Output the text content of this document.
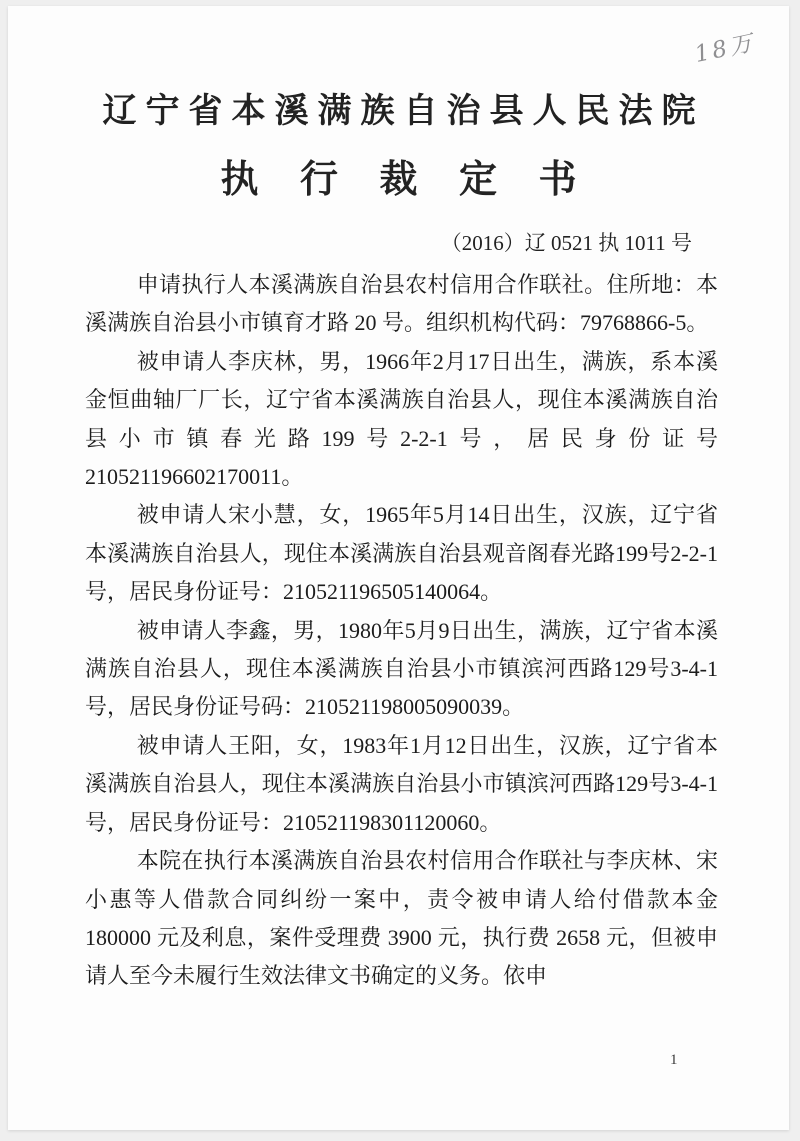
18万
辽宁省本溪满族自治县人民法院
执 行 裁 定 书
（2016）辽 0521 执 1011 号

申请执行人本溪满族自治县农村信用合作联社。住所地：本溪满族自治县小市镇育才路 20 号。组织机构代码：79768866-5。

被申请人李庆林，男，1966年2月17日出生，满族，系本溪金恒曲轴厂厂长，辽宁省本溪满族自治县人，现住本溪满族自治县小市镇春光路199号2-2-1号，居民身份证号210521196602170011。

被申请人宋小慧，女，1965年5月14日出生，汉族，辽宁省本溪满族自治县人，现住本溪满族自治县观音阁春光路199号2-2-1号，居民身份证号：210521196505140064。

被申请人李鑫，男，1980年5月9日出生，满族，辽宁省本溪满族自治县人，现住本溪满族自治县小市镇滨河西路129号3-4-1号，居民身份证号码：210521198005090039。

被申请人王阳，女，1983年1月12日出生，汉族，辽宁省本溪满族自治县人，现住本溪满族自治县小市镇滨河西路129号3-4-1号，居民身份证号：210521198301120060。

本院在执行本溪满族自治县农村信用合作联社与李庆林、宋小惠等人借款合同纠纷一案中，责令被申请人给付借款本金 180000 元及利息，案件受理费 3900 元，执行费 2658 元，但被申请人至今未履行生效法律文书确定的义务。依申

1
